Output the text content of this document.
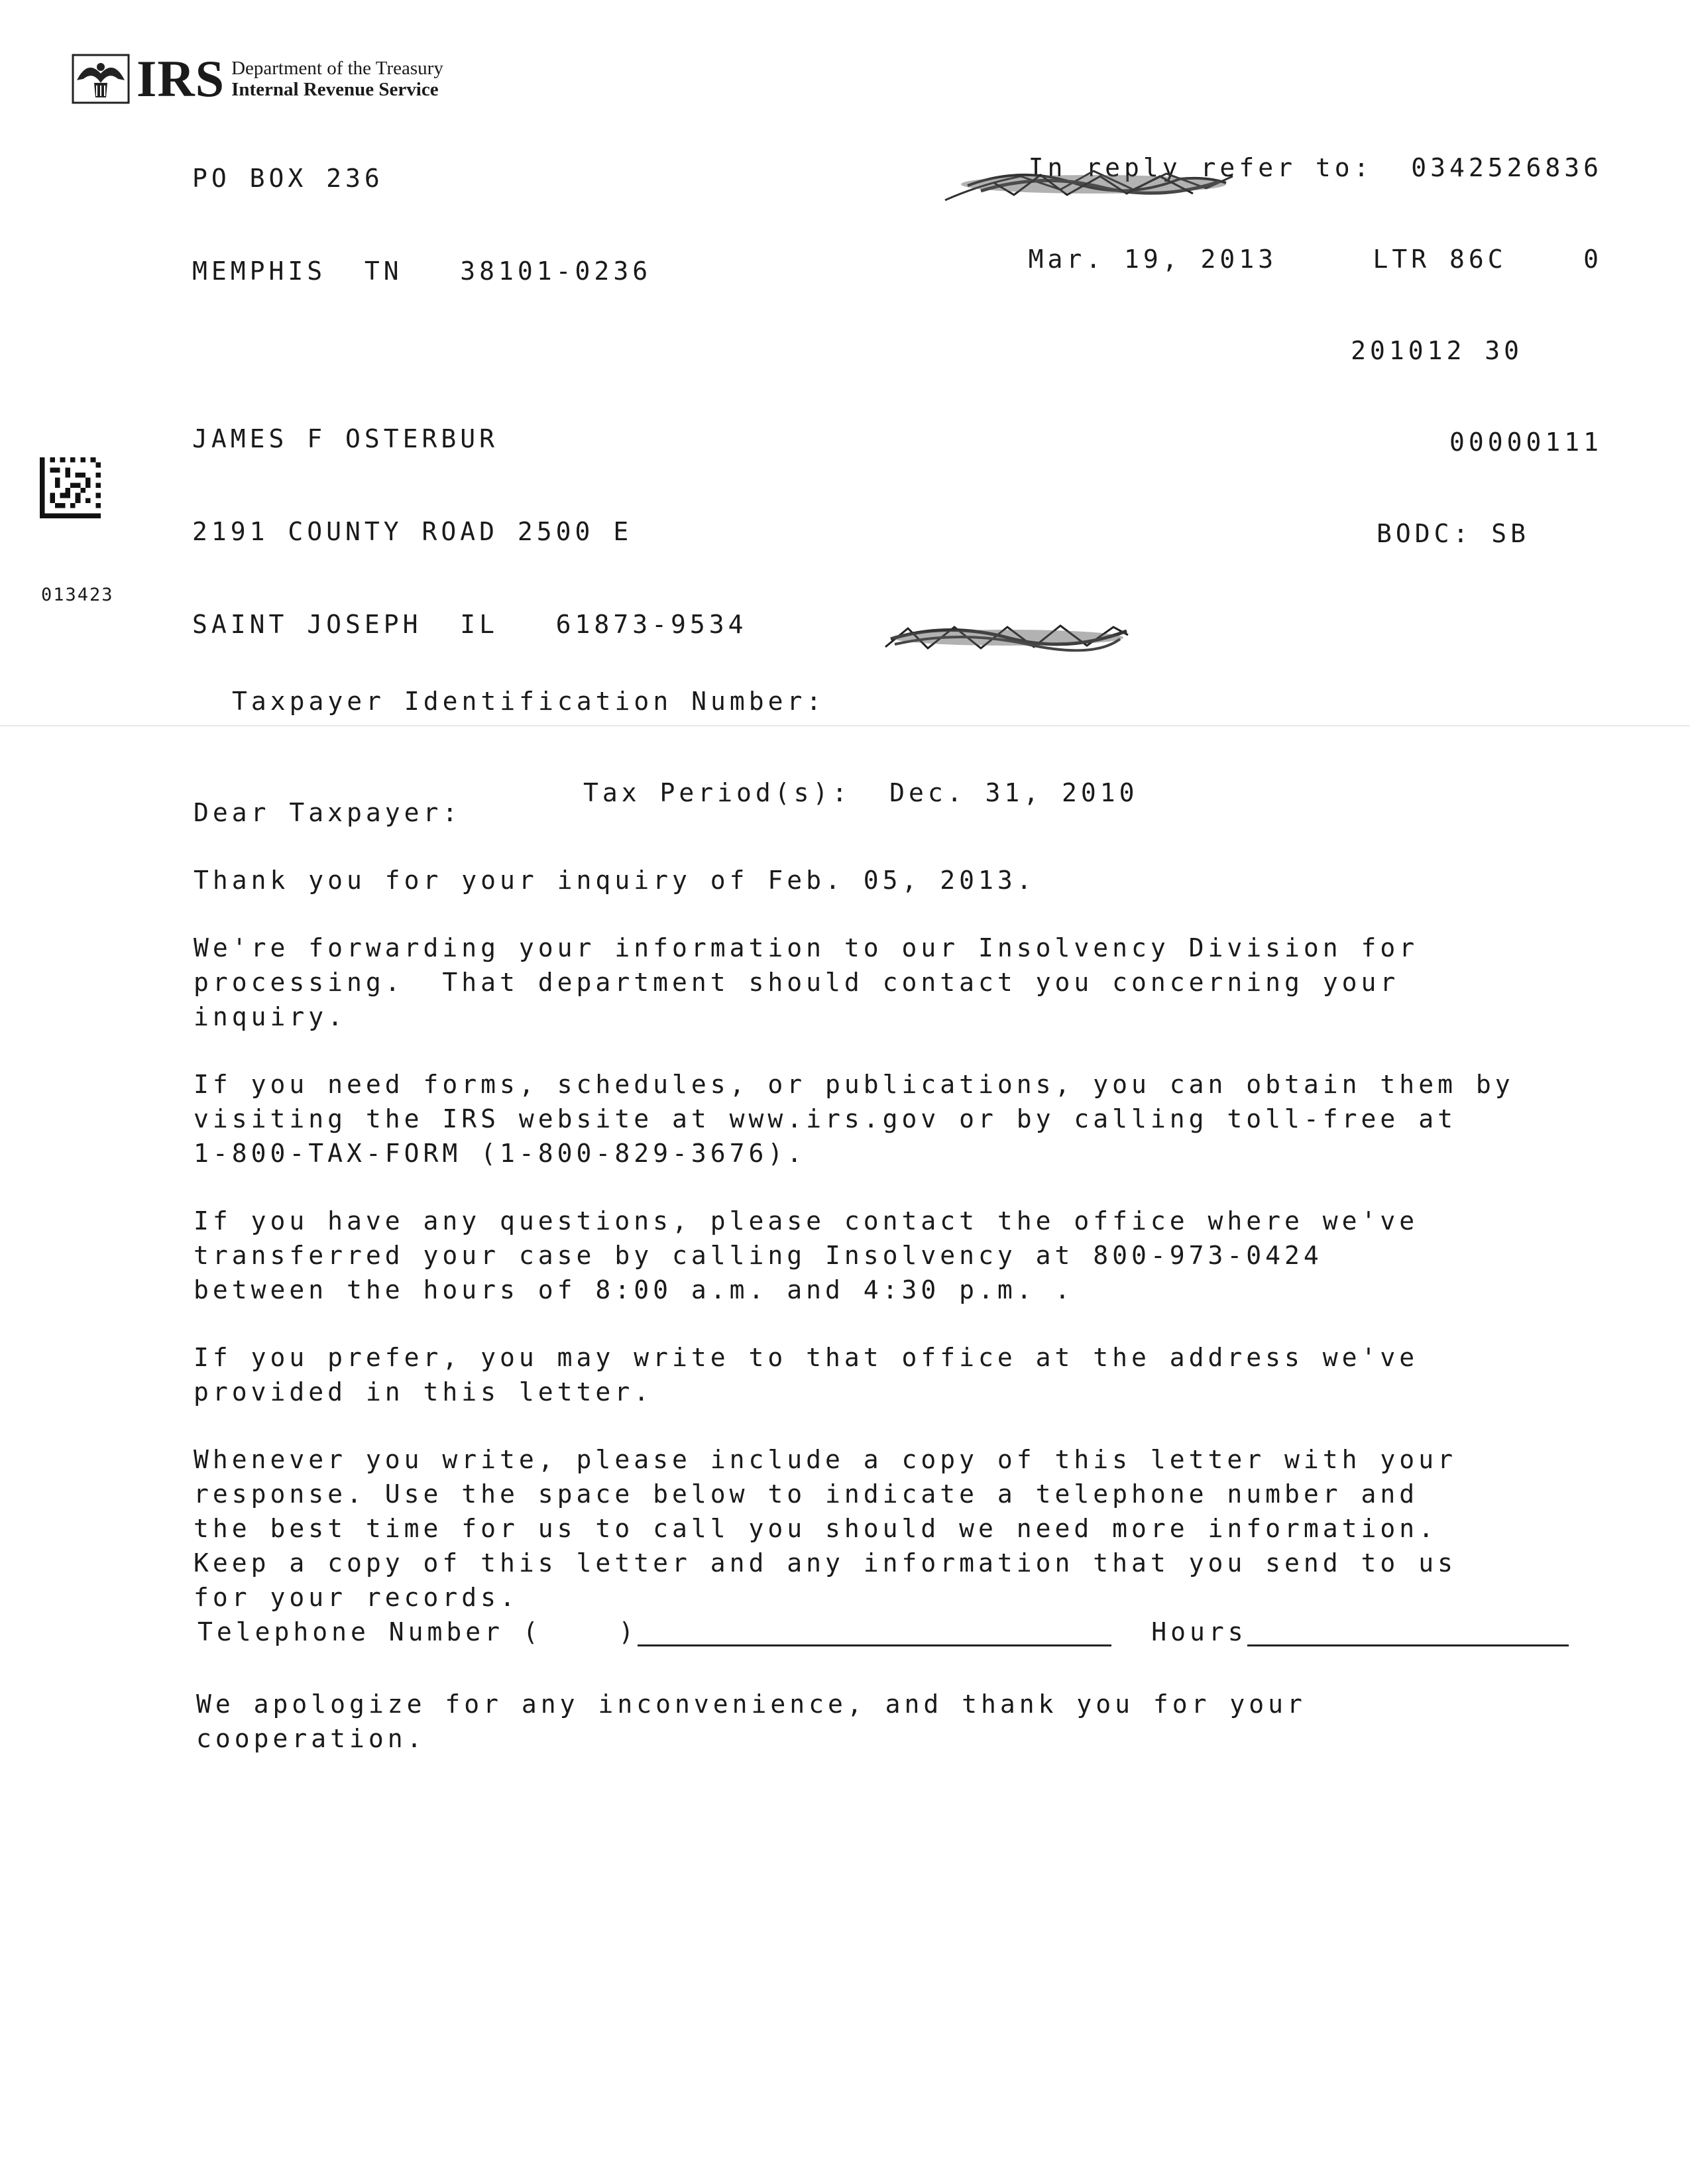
IRS Department of the Treasury
Internal Revenue Service

PO BOX 236

MEMPHIS  TN   38101-0236

In reply refer to:  0342526836

Mar. 19, 2013     LTR 86C    0

201012 30

00000111

BODC: SB

JAMES F OSTERBUR

2191 COUNTY ROAD 2500 E

SAINT JOSEPH  IL   61873-9534

013423

Taxpayer Identification Number:

Tax Period(s): Dec. 31, 2010

Dear Taxpayer:

Thank you for your inquiry of Feb. 05, 2013.

We're forwarding your information to our Insolvency Division for
processing.  That department should contact you concerning your
inquiry.

If you need forms, schedules, or publications, you can obtain them by
visiting the IRS website at www.irs.gov or by calling toll-free at
1-800-TAX-FORM (1-800-829-3676).

If you have any questions, please contact the office where we've
transferred your case by calling Insolvency at 800-973-0424
between the hours of 8:00 a.m. and 4:30 p.m. .

If you prefer, you may write to that office at the address we've
provided in this letter.

Whenever you write, please include a copy of this letter with your
response. Use the space below to indicate a telephone number and
the best time for us to call you should we need more information.
Keep a copy of this letter and any information that you send to us
for your records.

Telephone Number (    )	Hours
We apologize for any inconvenience, and thank you for your
cooperation.
